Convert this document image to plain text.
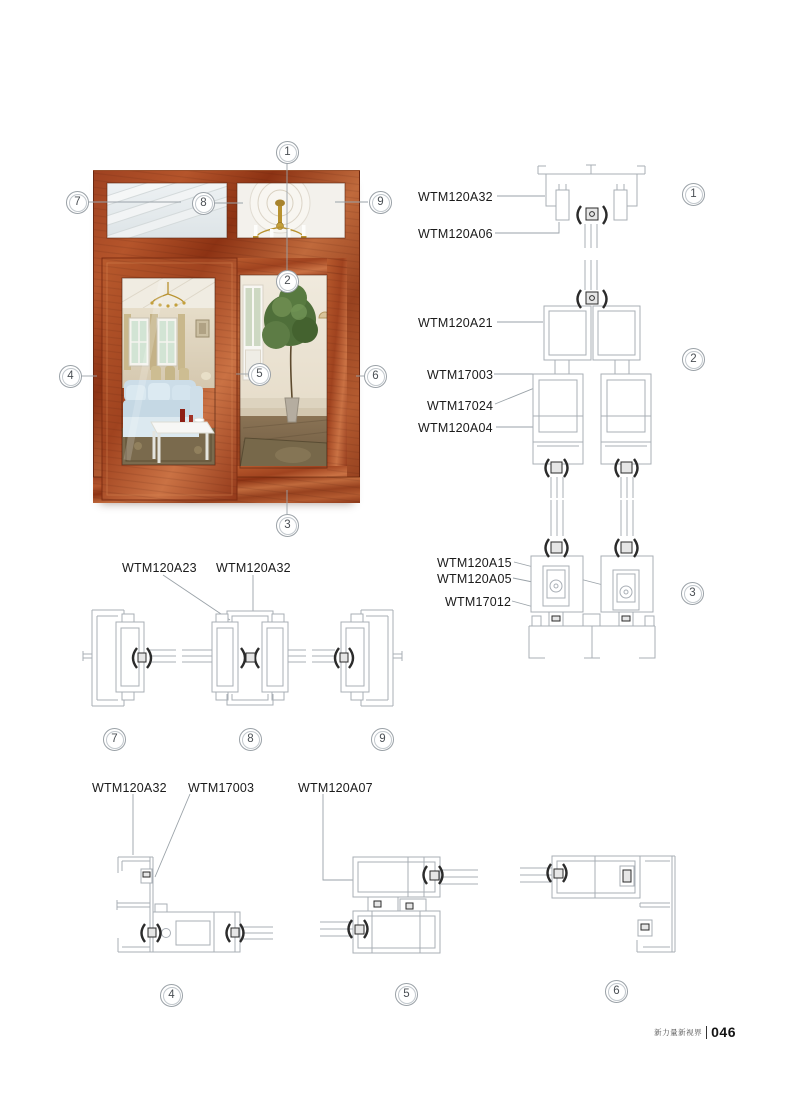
1
7	8	9
2
4	5	6
3
1
2
3
7	8	9
4	5	6
WTM120A32
WTM120A06
WTM120A21
WTM17003
WTM17024
WTM120A04
WTM120A15
WTM120A05
WTM17012
WTM120A23 WTM120A32
WTM120A32 WTM17003	WTM120A07
新力量新视界 046
